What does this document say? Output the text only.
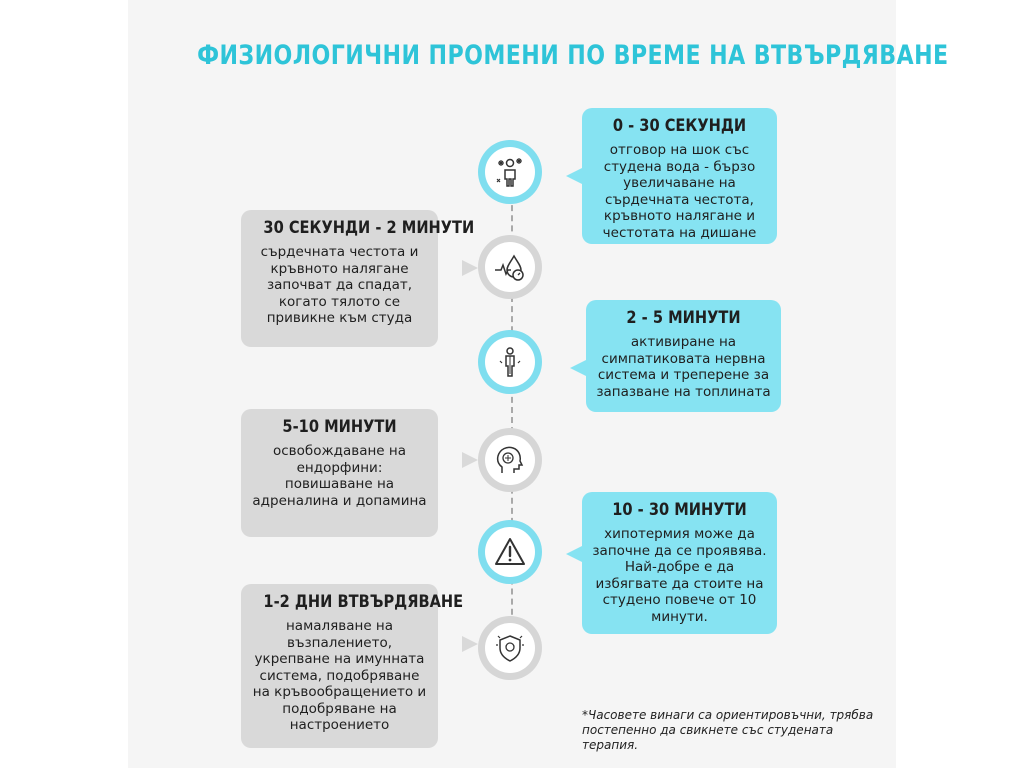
ФИЗИОЛОГИЧНИ ПРОМЕНИ ПО ВРЕМЕ НА ВТВЪРДЯВАНЕ
0 - 30 СЕКУНДИ

отговор на шок със студена вода - бързо увеличаване на сърдечната честота, кръвното налягане и честотата на дишане

30 СЕКУНДИ - 2 МИНУТИ

сърдечната честота и кръвното налягане започват да спадат, когато тялото се привикне към студа	2 - 5 МИНУТИ

активиране на симпатиковата нервна система и треперене за запазване на топлината

5-10 МИНУТИ

освобождаване на ендорфини: повишаване на адреналина и допамина	10 - 30 МИНУТИ

хипотермия може да започне да се проявява. Най-добре е да избягвате да стоите на студено повече от 10 минути.

1-2 ДНИ ВТВЪРДЯВАНЕ

намаляване на възпалението, укрепване на имунната система, подобряване на кръвообращението и подобряване на настроението

*Часовете винаги са ориентировъчни, трябва постепенно да свикнете със студената терапия.
